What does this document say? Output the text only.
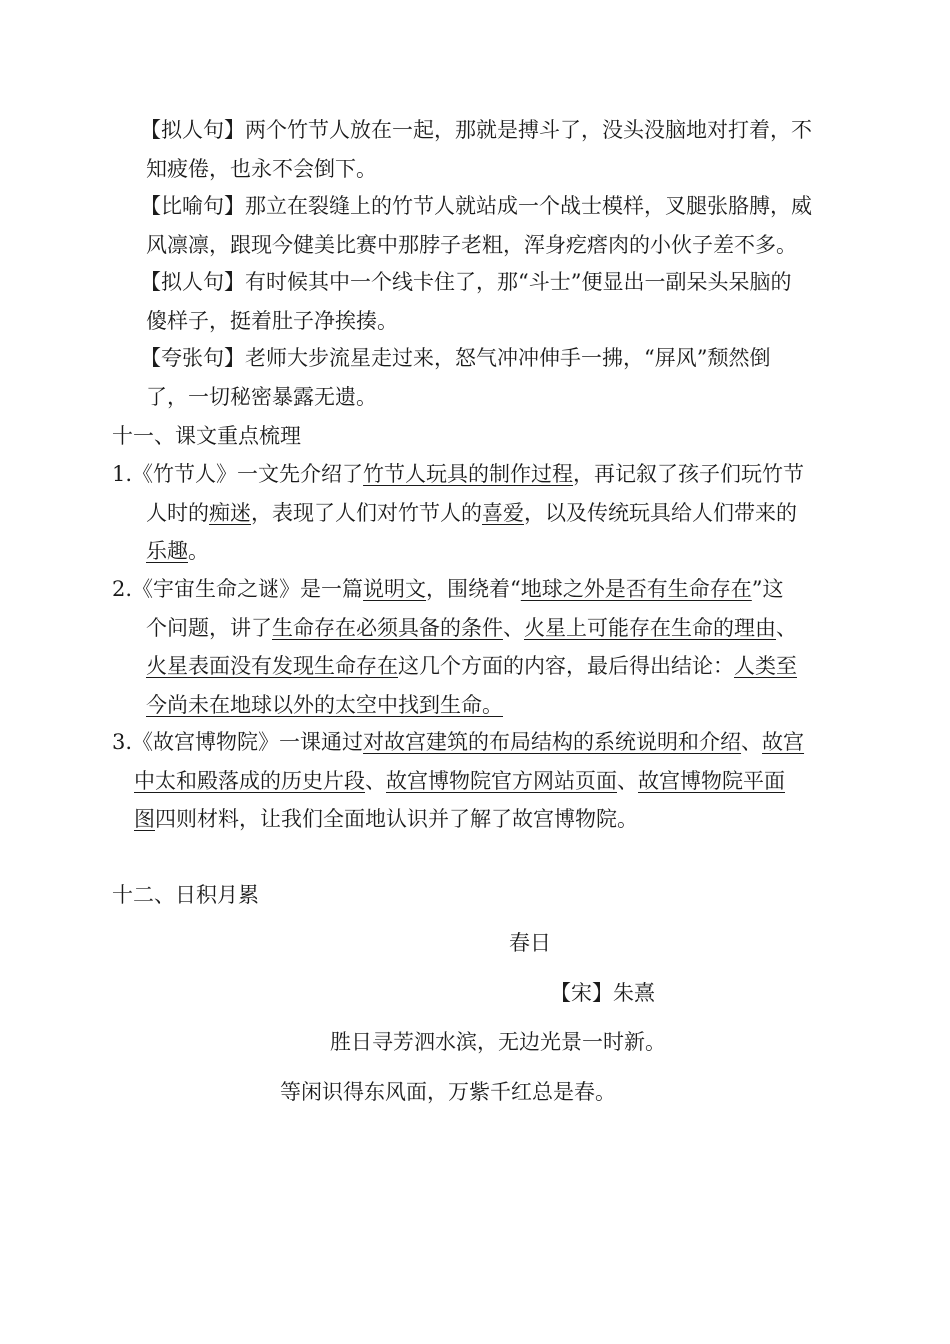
【拟人句】两个竹节人放在一起，那就是搏斗了，没头没脑地对打着，不
知疲倦，也永不会倒下。
【比喻句】那立在裂缝上的竹节人就站成一个战士模样，叉腿张胳膊，威
风凛凛，跟现今健美比赛中那脖子老粗，浑身疙瘩肉的小伙子差不多。
【拟人句】有时候其中一个线卡住了，那“斗士”便显出一副呆头呆脑的
傻样子，挺着肚子净挨揍。
【夸张句】老师大步流星走过来，怒气冲冲伸手一拂，“屏风”颓然倒
了，一切秘密暴露无遗。
十一、课文重点梳理
1.《竹节人》一文先介绍了竹节人玩具的制作过程，再记叙了孩子们玩竹节
人时的痴迷，表现了人们对竹节人的喜爱，以及传统玩具给人们带来的
乐趣。
2.《宇宙生命之谜》是一篇说明文，围绕着“地球之外是否有生命存在”这
个问题，讲了生命存在必须具备的条件、火星上可能存在生命的理由、
火星表面没有发现生命存在这几个方面的内容，最后得出结论：人类至
今尚未在地球以外的太空中找到生命。
3.《故宫博物院》一课通过对故宫建筑的布局结构的系统说明和介绍、故宫
中太和殿落成的历史片段、故宫博物院官方网站页面、故宫博物院平面
图四则材料，让我们全面地认识并了解了故宫博物院。
十二、日积月累
春日
【宋】朱熹
胜日寻芳泗水滨，无边光景一时新。
等闲识得东风面，万紫千红总是春。
